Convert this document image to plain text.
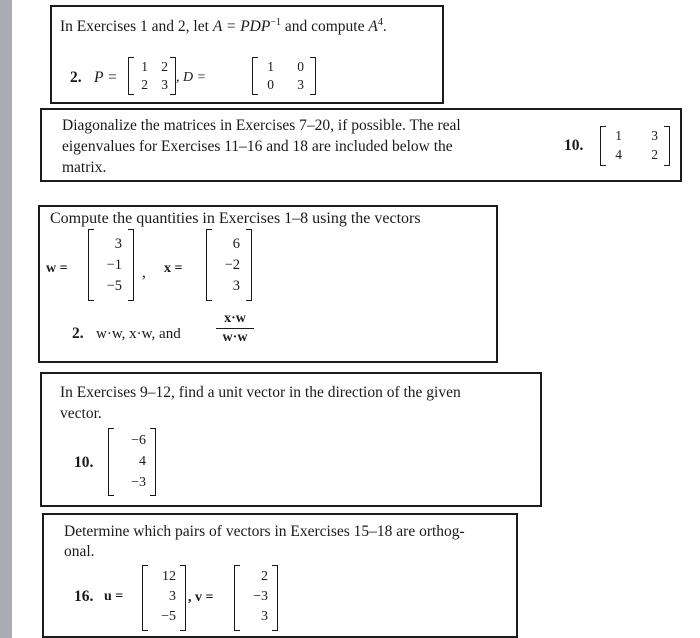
In Exercises 1 and 2, let $A = PDP^{-1}$ and compute $A^4$.
2. P =
1 2
2 3 , D =
1	0
0	3
Diagonalize the matrices in Exercises 7–20, if possible. The real
eigenvalues for Exercises 11–16 and 18 are included below the
matrix.
10.
1	3
4	2
Compute the quantities in Exercises 1–8 using the vectors
w =
3
−1
−5
, x =
6
−2
3
2. w·w, x·w, and
x·w
w·w
In Exercises 9–12, find a unit vector in the direction of the given
vector.
10.
−6
4
−3
Determine which pairs of vectors in Exercises 15–18 are orthog-
onal.
16. u =
12
3
−5
, v =
2
−3
3
